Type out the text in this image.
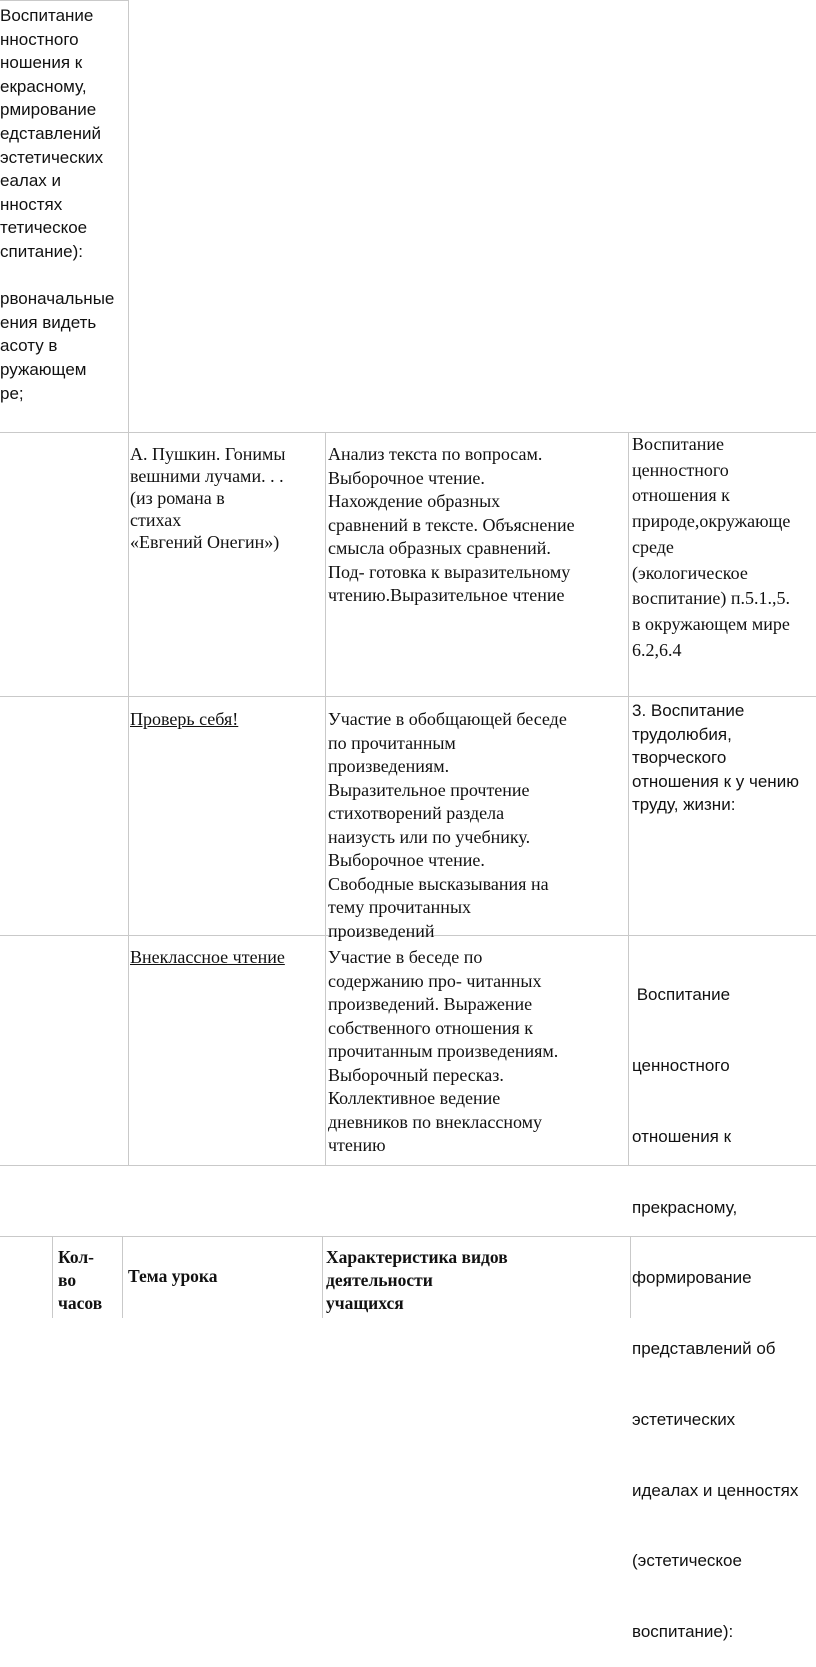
Воспитание
нностного
ношения к
екрасному,
рмирование
едставлений
эстетических
еалах и
нностях
тетическое
спитание):
рвоначальные
ения видеть
асоту в
ружающем
ре;
А. Пушкин. Гонимы
вешними лучами. . .
(из романа в
стихах
«Евгений Онегин»)
Анализ текста по вопросам.
Выборочное чтение.
Нахождение образных
сравнений в тексте. Объяснение
смысла образных сравнений.
Под- готовка к выразительному
чтению.Выразительное чтение
Воспитание
ценностного
отношения к
природе,окружающе
среде
(экологическое
воспитание) п.5.1.,5.
в окружающем мире
6.2,6.4
Проверь себя!	Участие в обобщающей беседе
по прочитанным
произведениям.
Выразительное прочтение
стихотворений раздела
наизусть или по учебнику.
Выборочное чтение.
Свободные высказывания на
тему прочитанных
произведений
3. Воспитание
трудолюбия,
творческого
отношения к у чению
труду, жизни:
Внеклассное чтение Участие в беседе по
содержанию про- читанных
произведений. Выражение
собственного отношения к
прочитанным произведениям.
Выборочный пересказ.
Коллективное ведение
дневников по внеклассному
чтению

Воспитание

ценностного

отношения к

прекрасному,

формирование

представлений об

эстетических

идеалах и ценностях

(эстетическое

воспитание):

Кол-
во
часов
Тема урока
Характеристика видов
деятельности
учащихся
